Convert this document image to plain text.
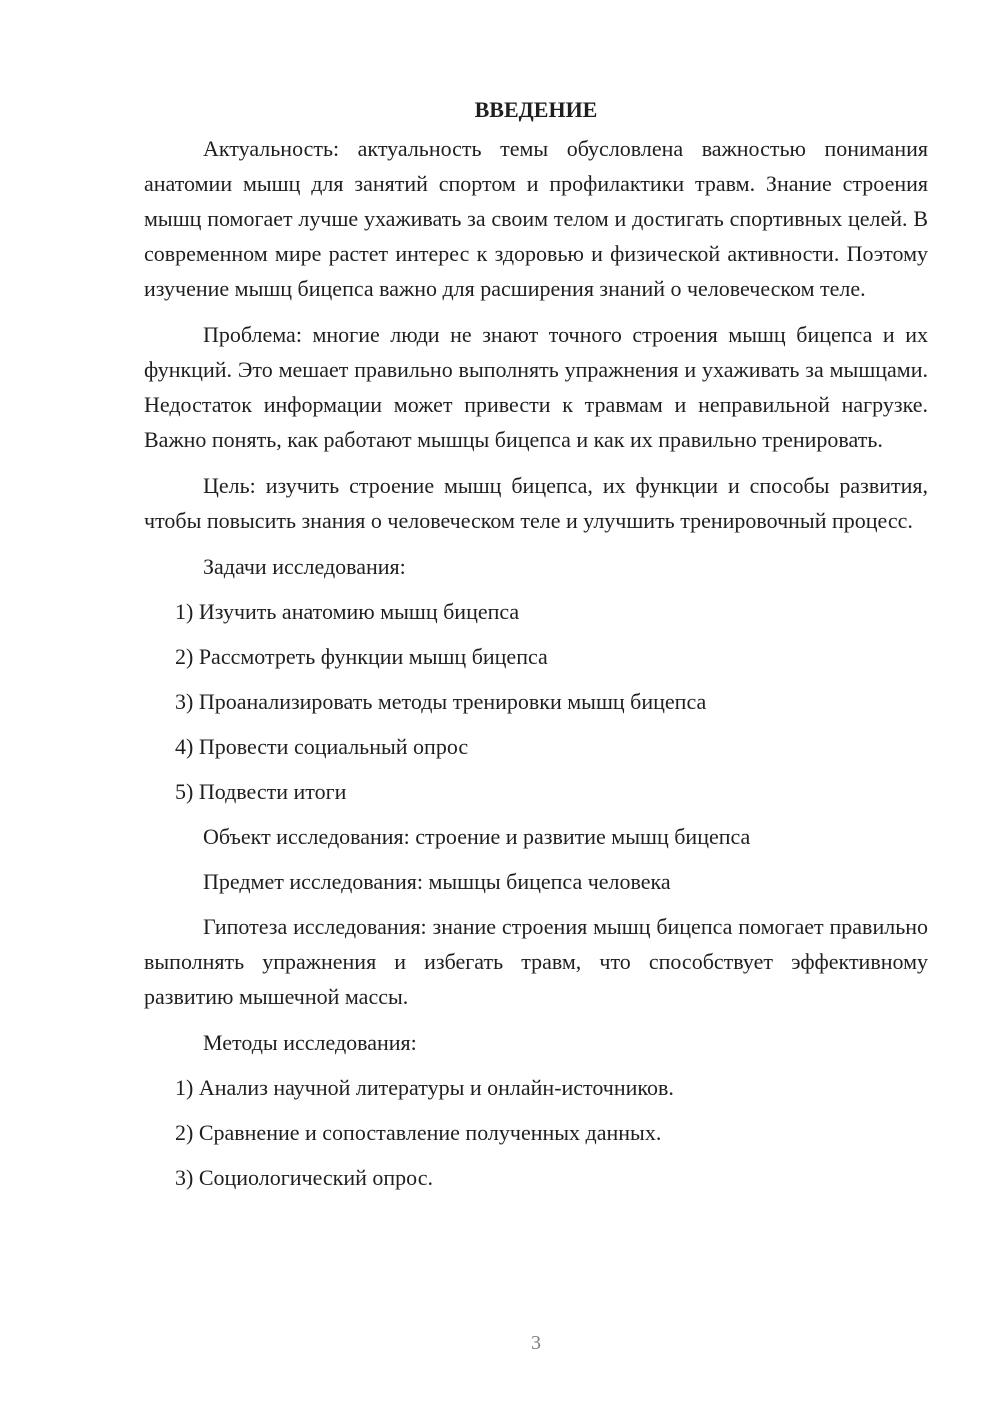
ВВЕДЕНИЕ

Актуальность: актуальность темы обусловлена важностью понимания анатомии мышц для занятий спортом и профилактики травм. Знание строения мышц помогает лучше ухаживать за своим телом и достигать спортивных целей. В современном мире растет интерес к здоровью и физической активности. Поэтому изучение мышц бицепса важно для расширения знаний о человеческом теле.

Проблема: многие люди не знают точного строения мышц бицепса и их функций. Это мешает правильно выполнять упражнения и ухаживать за мышцами. Недостаток информации может привести к травмам и неправильной нагрузке. Важно понять, как работают мышцы бицепса и как их правильно тренировать.

Цель: изучить строение мышц бицепса, их функции и способы развития, чтобы повысить знания о человеческом теле и улучшить тренировочный процесс.

Задачи исследования:
1) Изучить анатомию мышц бицепса
2) Рассмотреть функции мышц бицепса
3) Проанализировать методы тренировки мышц бицепса
4) Провести социальный опрос
5) Подвести итоги
Объект исследования: строение и развитие мышц бицепса
Предмет исследования: мышцы бицепса человека

Гипотеза исследования: знание строения мышц бицепса помогает правильно выполнять упражнения и избегать травм, что способствует эффективному развитию мышечной массы.

Методы исследования:
1) Анализ научной литературы и онлайн-источников.
2) Сравнение и сопоставление полученных данных.
3) Социологический опрос.
3
